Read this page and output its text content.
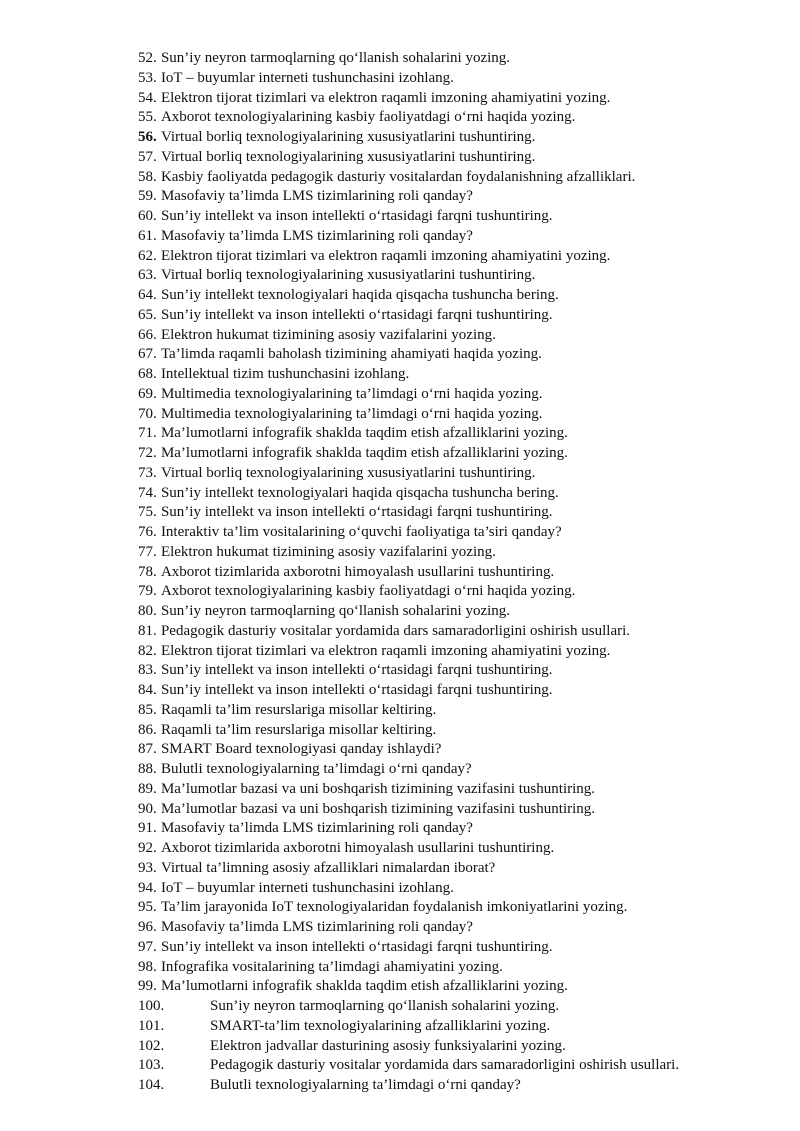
52. Sun’iy neyron tarmoqlarning qo‘llanish sohalarini yozing.
53. IoT – buyumlar interneti tushunchasini izohlang.
54. Elektron tijorat tizimlari va elektron raqamli imzoning ahamiyatini yozing.
55. Axborot texnologiyalarining kasbiy faoliyatdagi o‘rni haqida yozing.
56. Virtual borliq texnologiyalarining xususiyatlarini tushuntiring.
57. Virtual borliq texnologiyalarining xususiyatlarini tushuntiring.
58. Kasbiy faoliyatda pedagogik dasturiy vositalardan foydalanishning afzalliklari.
59. Masofaviy ta’limda LMS tizimlarining roli qanday?
60. Sun’iy intellekt va inson intellekti o‘rtasidagi farqni tushuntiring.
61. Masofaviy ta’limda LMS tizimlarining roli qanday?
62. Elektron tijorat tizimlari va elektron raqamli imzoning ahamiyatini yozing.
63. Virtual borliq texnologiyalarining xususiyatlarini tushuntiring.
64. Sun’iy intellekt texnologiyalari haqida qisqacha tushuncha bering.
65. Sun’iy intellekt va inson intellekti o‘rtasidagi farqni tushuntiring.
66. Elektron hukumat tizimining asosiy vazifalarini yozing.
67. Ta’limda raqamli baholash tizimining ahamiyati haqida yozing.
68. Intellektual tizim tushunchasini izohlang.
69. Multimedia texnologiyalarining ta’limdagi o‘rni haqida yozing.
70. Multimedia texnologiyalarining ta’limdagi o‘rni haqida yozing.
71. Ma’lumotlarni infografik shaklda taqdim etish afzalliklarini yozing.
72. Ma’lumotlarni infografik shaklda taqdim etish afzalliklarini yozing.
73. Virtual borliq texnologiyalarining xususiyatlarini tushuntiring.
74. Sun’iy intellekt texnologiyalari haqida qisqacha tushuncha bering.
75. Sun’iy intellekt va inson intellekti o‘rtasidagi farqni tushuntiring.
76. Interaktiv ta’lim vositalarining o‘quvchi faoliyatiga ta’siri qanday?
77. Elektron hukumat tizimining asosiy vazifalarini yozing.
78. Axborot tizimlarida axborotni himoyalash usullarini tushuntiring.
79. Axborot texnologiyalarining kasbiy faoliyatdagi o‘rni haqida yozing.
80. Sun’iy neyron tarmoqlarning qo‘llanish sohalarini yozing.
81. Pedagogik dasturiy vositalar yordamida dars samaradorligini oshirish usullari.
82. Elektron tijorat tizimlari va elektron raqamli imzoning ahamiyatini yozing.
83. Sun’iy intellekt va inson intellekti o‘rtasidagi farqni tushuntiring.
84. Sun’iy intellekt va inson intellekti o‘rtasidagi farqni tushuntiring.
85. Raqamli ta’lim resurslariga misollar keltiring.
86. Raqamli ta’lim resurslariga misollar keltiring.
87. SMART Board texnologiyasi qanday ishlaydi?
88. Bulutli texnologiyalarning ta’limdagi o‘rni qanday?
89. Ma’lumotlar bazasi va uni boshqarish tizimining vazifasini tushuntiring.
90. Ma’lumotlar bazasi va uni boshqarish tizimining vazifasini tushuntiring.
91. Masofaviy ta’limda LMS tizimlarining roli qanday?
92. Axborot tizimlarida axborotni himoyalash usullarini tushuntiring.
93. Virtual ta’limning asosiy afzalliklari nimalardan iborat?
94. IoT – buyumlar interneti tushunchasini izohlang.
95. Ta’lim jarayonida IoT texnologiyalaridan foydalanish imkoniyatlarini yozing.
96. Masofaviy ta’limda LMS tizimlarining roli qanday?
97. Sun’iy intellekt va inson intellekti o‘rtasidagi farqni tushuntiring.
98. Infografika vositalarining ta’limdagi ahamiyatini yozing.
99. Ma’lumotlarni infografik shaklda taqdim etish afzalliklarini yozing.
100.	Sun’iy neyron tarmoqlarning qo‘llanish sohalarini yozing.
101.	SMART-ta’lim texnologiyalarining afzalliklarini yozing.
102.	Elektron jadvallar dasturining asosiy funksiyalarini yozing.
103.	Pedagogik dasturiy vositalar yordamida dars samaradorligini oshirish usullari.
104.	Bulutli texnologiyalarning ta’limdagi o‘rni qanday?
